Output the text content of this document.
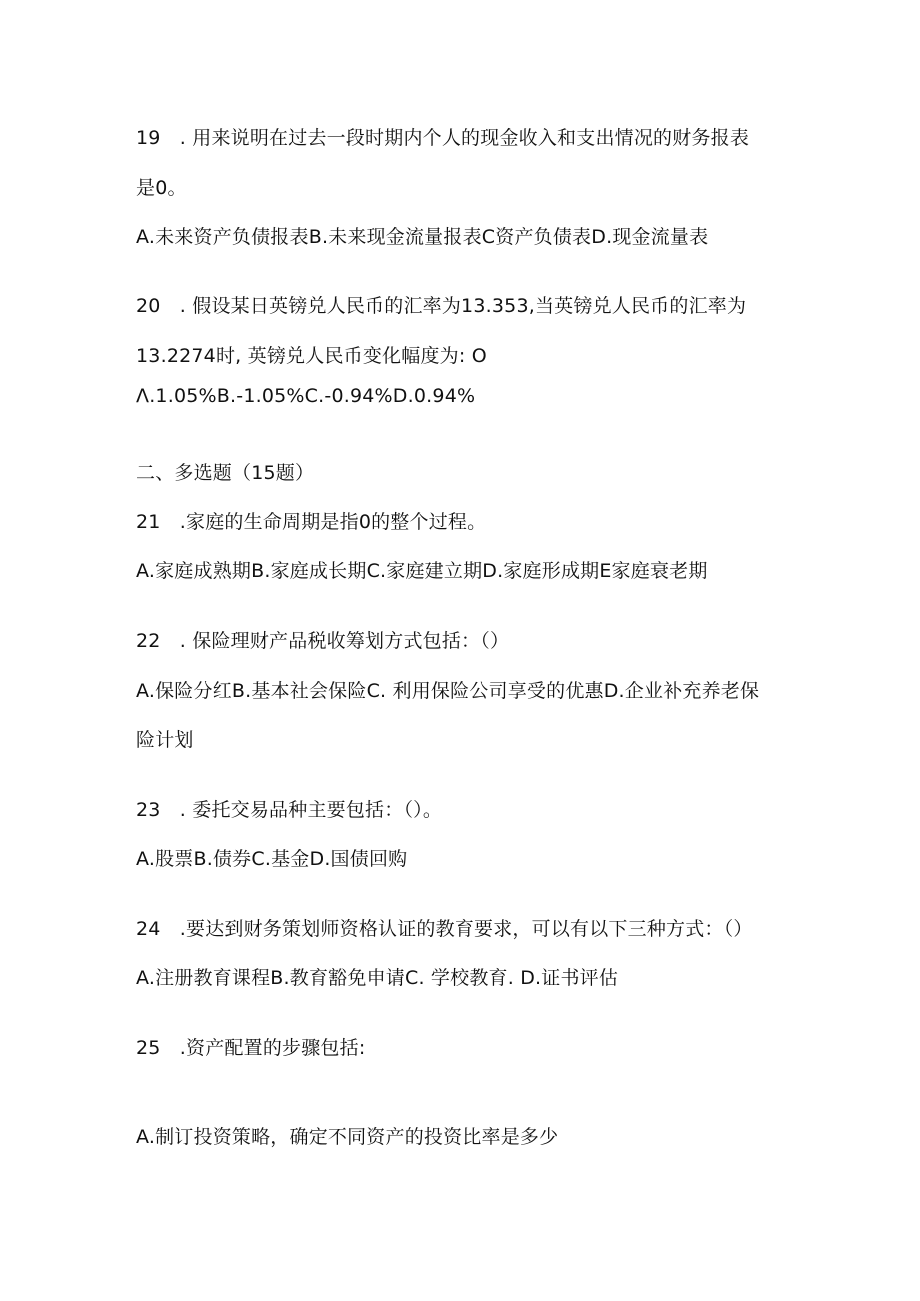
19　. 用来说明在过去一段时期内个人的现金收入和支出情况的财务报表
是0。
A.未来资产负债报表B.未来现金流量报表C资产负债表D.现金流量表
20　. 假设某日英镑兑人民币的汇率为13.353,当英镑兑人民币的汇率为
13.2274时, 英镑兑人民币变化幅度为: O
Λ.1.05%B.-1.05%C.-0.94%D.0.94%
二、多选题（15题）
21　.家庭的生命周期是指0的整个过程。
A.家庭成熟期B.家庭成长期C.家庭建立期D.家庭形成期E家庭衰老期
22　. 保险理财产品税收筹划方式包括：（）
A.保险分红B.基本社会保险C. 利用保险公司享受的优惠D.企业补充养老保
险计划
23　. 委托交易品种主要包括：（）。
A.股票B.债券C.基金D.国债回购
24　.要达到财务策划师资格认证的教育要求，可以有以下三种方式：（）
A.注册教育课程B.教育豁免申请C. 学校教育. D.证书评估
25　.资产配置的步骤包括:
A.制订投资策略，确定不同资产的投资比率是多少
